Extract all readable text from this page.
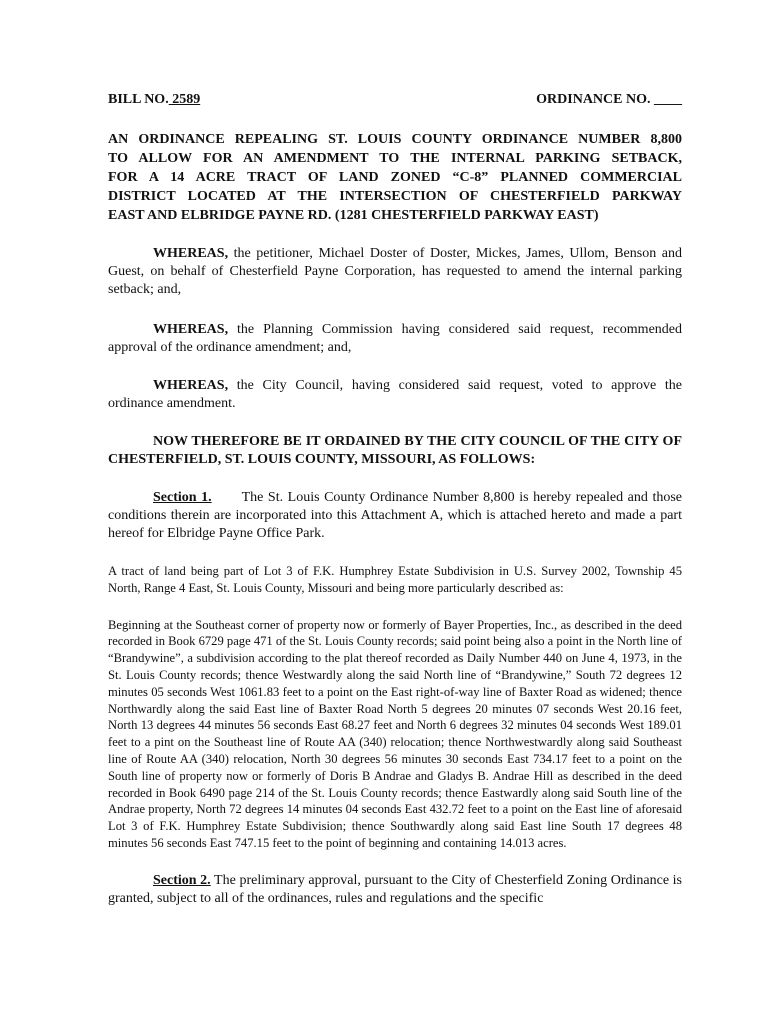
BILL NO. 2589	ORDINANCE NO. ____
AN ORDINANCE REPEALING ST. LOUIS COUNTY ORDINANCE NUMBER 8,800
TO ALLOW FOR AN AMENDMENT TO THE INTERNAL PARKING SETBACK,
FOR A 14 ACRE TRACT OF LAND ZONED “C-8” PLANNED COMMERCIAL
DISTRICT LOCATED AT THE INTERSECTION OF CHESTERFIELD PARKWAY
EAST AND ELBRIDGE PAYNE RD. (1281 CHESTERFIELD PARKWAY EAST)

WHEREAS, the petitioner, Michael Doster of Doster, Mickes, James, Ullom, Benson and Guest, on behalf of Chesterfield Payne Corporation, has requested to amend the internal parking setback; and,

WHEREAS, the Planning Commission having considered said request, recommended approval of the ordinance amendment; and,

WHEREAS, the City Council, having considered said request, voted to approve the ordinance amendment.

NOW THEREFORE BE IT ORDAINED BY THE CITY COUNCIL OF THE CITY OF CHESTERFIELD, ST. LOUIS COUNTY, MISSOURI, AS FOLLOWS:

Section 1. The St. Louis County Ordinance Number 8,800 is hereby repealed and those conditions therein are incorporated into this Attachment A, which is attached hereto and made a part hereof for Elbridge Payne Office Park.

A tract of land being part of Lot 3 of F.K. Humphrey Estate Subdivision in U.S. Survey 2002, Township 45 North, Range 4 East, St. Louis County, Missouri and being more particularly described as:

Beginning at the Southeast corner of property now or formerly of Bayer Properties, Inc., as described in the deed recorded in Book 6729 page 471 of the St. Louis County records; said point being also a point in the North line of “Brandywine”, a subdivision according to the plat thereof recorded as Daily Number 440 on June 4, 1973, in the St. Louis County records; thence Westwardly along the said North line of “Brandywine,” South 72 degrees 12 minutes 05 seconds West 1061.83 feet to a point on the East right-of-way line of Baxter Road as widened; thence Northwardly along the said East line of Baxter Road North 5 degrees 20 minutes 07 seconds West 20.16 feet, North 13 degrees 44 minutes 56 seconds East 68.27 feet and North 6 degrees 32 minutes 04 seconds West 189.01 feet to a pint on the Southeast line of Route AA (340) relocation; thence Northwestwardly along said Southeast line of Route AA (340) relocation, North 30 degrees 56 minutes 30 seconds East 734.17 feet to a point on the South line of property now or formerly of Doris B Andrae and Gladys B. Andrae Hill as described in the deed recorded in Book 6490 page 214 of the St. Louis County records; thence Eastwardly along said South line of the Andrae property, North 72 degrees 14 minutes 04 seconds East 432.72 feet to a point on the East line of aforesaid Lot 3 of F.K. Humphrey Estate Subdivision; thence Southwardly along said East line South 17 degrees 48 minutes 56 seconds East 747.15 feet to the point of beginning and containing 14.013 acres.

Section 2. The preliminary approval, pursuant to the City of Chesterfield Zoning Ordinance is granted, subject to all of the ordinances, rules and regulations and the specific
